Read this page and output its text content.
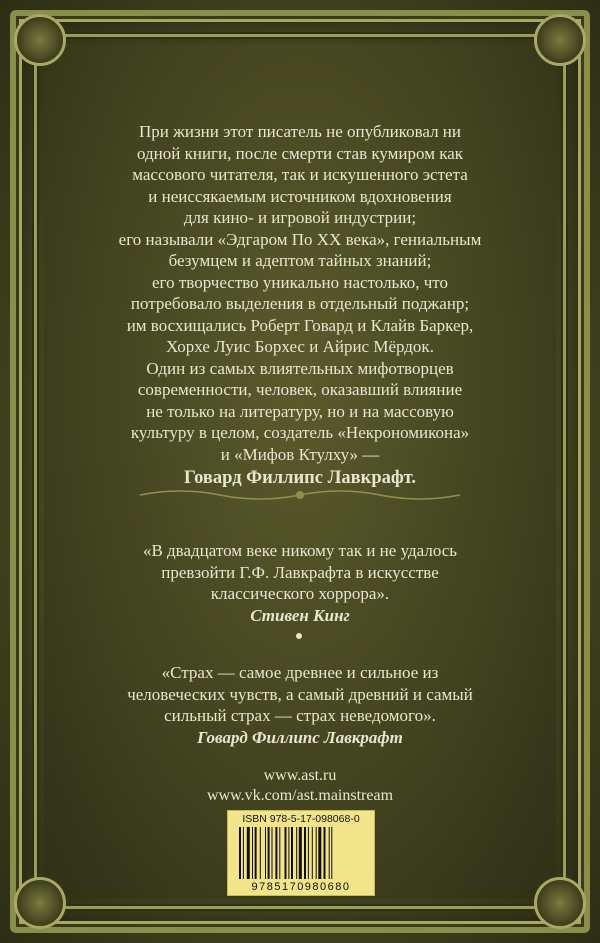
При жизни этот писатель не опубликовал ни
одной книги, после смерти став кумиром как
массового читателя, так и искушенного эстета
и неиссякаемым источником вдохновения
для кино- и игровой индустрии;
его называли «Эдгаром По XX века», гениальным
безумцем и адептом тайных знаний;
его творчество уникально настолько, что
потребовало выделения в отдельный поджанр;
им восхищались Роберт Говард и Клайв Баркер,
Хорхе Луис Борхес и Айрис Мёрдок.
Один из самых влиятельных мифотворцев
современности, человек, оказавший влияние
не только на литературу, но и на массовую
культуру в целом, создатель «Некрономикона»
и «Мифов Ктулху» —
Говард Филлипс Лавкрафт.
«В двадцатом веке никому так и не удалось
превзойти Г.Ф. Лавкрафта в искусстве
классического хоррора».
Стивен Кинг
«Страх — самое древнее и сильное из
человеческих чувств, а самый древний и самый
сильный страх — страх неведомого».
Говард Филлипс Лавкрафт
www.ast.ru
www.vk.com/ast.mainstream
ISBN 978-5-17-098068-0
9785170980680
